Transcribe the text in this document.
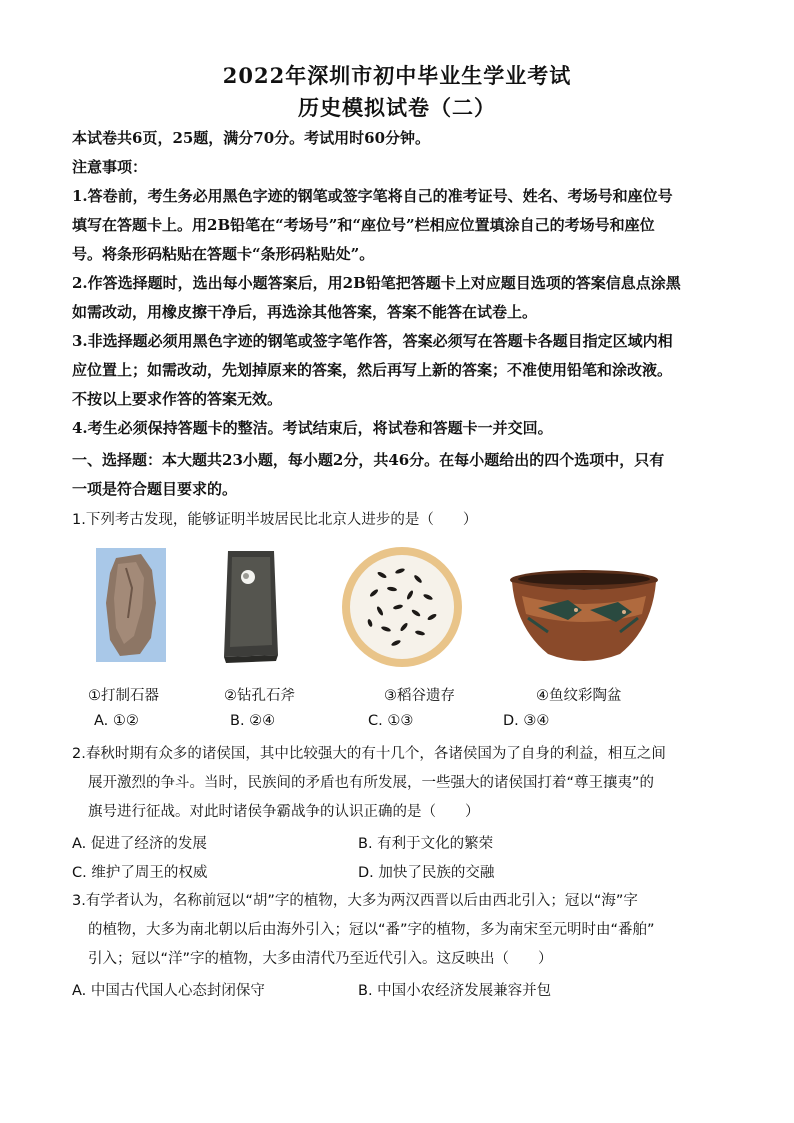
2022年深圳市初中毕业生学业考试
历史模拟试卷（二）
本试卷共6页，25题，满分70分。考试用时60分钟。
注意事项：
1.答卷前，考生务必用黑色字迹的钢笔或签字笔将自己的准考证号、姓名、考场号和座位号
填写在答题卡上。用2B铅笔在“考场号”和“座位号”栏相应位置填涂自己的考场号和座位
号。将条形码粘贴在答题卡“条形码粘贴处”。
2.作答选择题时，选出每小题答案后，用2B铅笔把答题卡上对应题目选项的答案信息点涂黑
如需改动，用橡皮擦干净后，再选涂其他答案，答案不能答在试卷上。
3.非选择题必须用黑色字迹的钢笔或签字笔作答，答案必须写在答题卡各题目指定区域内相
应位置上；如需改动，先划掉原来的答案，然后再写上新的答案；不准使用铅笔和涂改液。
不按以上要求作答的答案无效。
4.考生必须保持答题卡的整洁。考试结束后，将试卷和答题卡一并交回。
一、选择题：本大题共23小题，每小题2分，共46分。在每小题给出的四个选项中，只有
一项是符合题目要求的。
1.下列考古发现，能够证明半坡居民比北京人进步的是（　　）
①打制石器	②钻孔石斧	③稻谷遗存	④鱼纹彩陶盆
A. ①②	B. ②④	C. ①③	D. ③④
2.春秋时期有众多的诸侯国，其中比较强大的有十几个，各诸侯国为了自身的利益，相互之间
展开激烈的争斗。当时，民族间的矛盾也有所发展，一些强大的诸侯国打着“尊王攘夷”的
旗号进行征战。对此时诸侯争霸战争的认识正确的是（　　）
A. 促进了经济的发展	B. 有利于文化的繁荣
C. 维护了周王的权威	D. 加快了民族的交融
3.有学者认为，名称前冠以“胡”字的植物，大多为两汉西晋以后由西北引入；冠以“海”字
的植物，大多为南北朝以后由海外引入；冠以“番”字的植物，多为南宋至元明时由“番舶”
引入；冠以“洋”字的植物，大多由清代乃至近代引入。这反映出（　　）
A. 中国古代国人心态封闭保守	B. 中国小农经济发展兼容并包
